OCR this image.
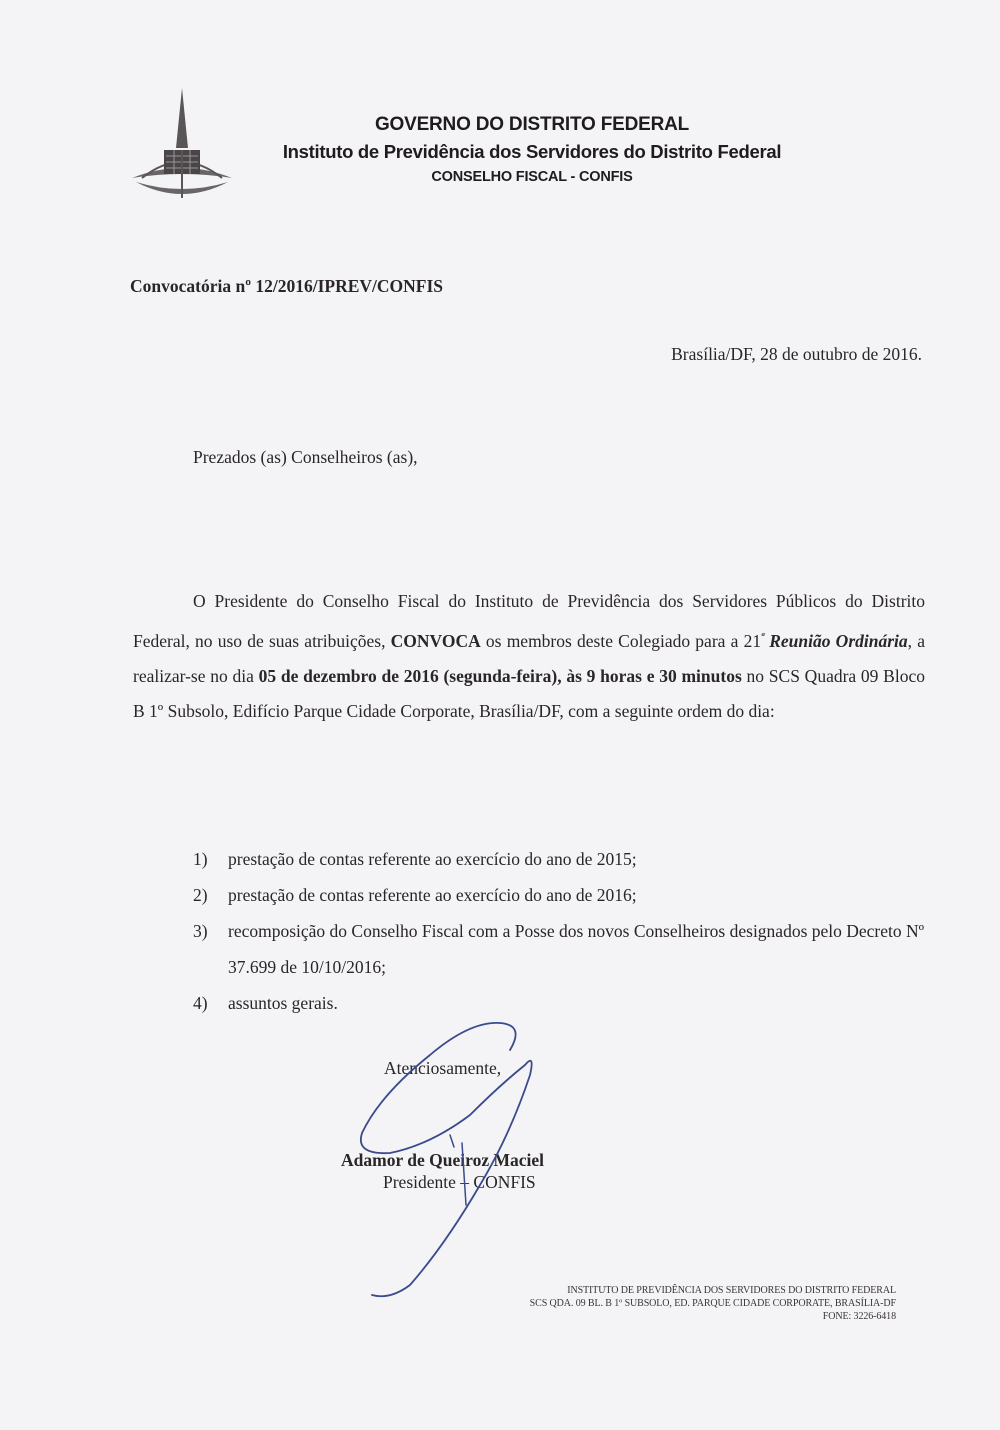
GOVERNO DO DISTRITO FEDERAL
Instituto de Previdência dos Servidores do Distrito Federal
CONSELHO FISCAL - CONFIS
Convocatória nº 12/2016/IPREV/CONFIS
Brasília/DF, 28 de outubro de 2016.
Prezados (as) Conselheiros (as),
O Presidente do Conselho Fiscal do Instituto de Previdência dos Servidores Públicos do Distrito Federal, no uso de suas atribuições, CONVOCA os membros deste Colegiado para a $21^ª$ Reunião Ordinária, a realizar-se no dia 05 de dezembro de 2016 (segunda-feira), às 9 horas e 30 minutos no SCS Quadra 09 Bloco B 1º Subsolo, Edifício Parque Cidade Corporate, Brasília/DF, com a seguinte ordem do dia:
1) prestação de contas referente ao exercício do ano de 2015;
2) prestação de contas referente ao exercício do ano de 2016;
3) recomposição do Conselho Fiscal com a Posse dos novos Conselheiros designados pelo Decreto Nº 37.699 de 10/10/2016;
4) assuntos gerais.
Atenciosamente,
Adamor de Queiroz Maciel
Presidente – CONFIS
INSTITUTO DE PREVIDÊNCIA DOS SERVIDORES DO DISTRITO FEDERAL
SCS QDA. 09 BL. B 1º SUBSOLO, ED. PARQUE CIDADE CORPORATE, BRASÍLIA-DF
FONE: 3226-6418
